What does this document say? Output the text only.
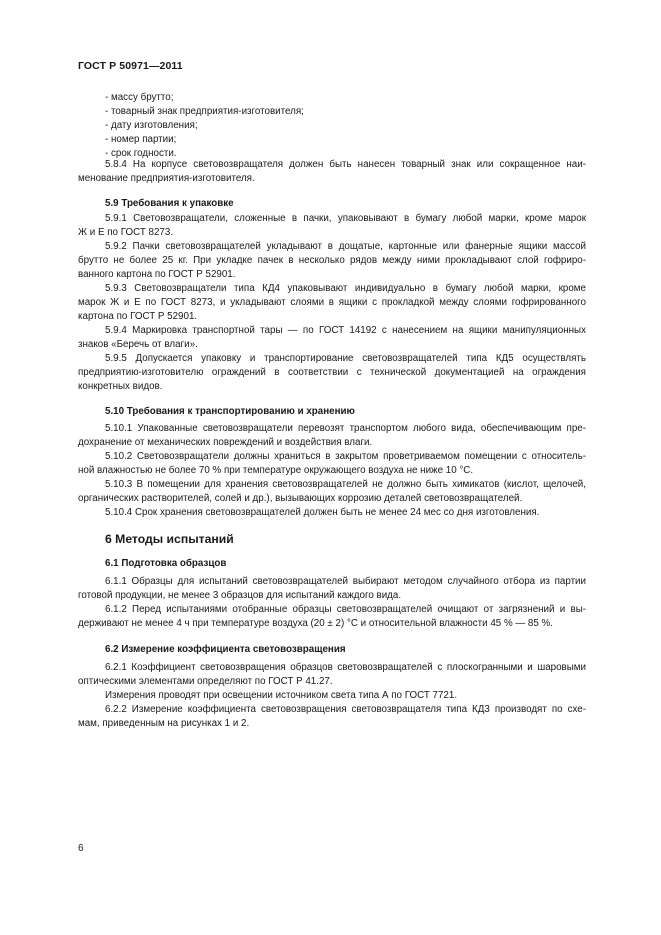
ГОСТ Р 50971—2011
- массу брутто;
- товарный знак предприятия-изготовителя;
- дату изготовления;
- номер партии;
- срок годности.
5.8.4 На корпусе световозвращателя должен быть нанесен товарный знак или сокращенное наи-
менование предприятия-изготовителя.
5.9 Требования к упаковке
5.9.1 Световозвращатели, сложенные в пачки, упаковывают в бумагу любой марки, кроме марок
Ж и Е по ГОСТ 8273.
5.9.2 Пачки световозвращателей укладывают в дощатые, картонные или фанерные ящики массой
брутто не более 25 кг. При укладке пачек в несколько рядов между ними прокладывают слой гофриро-
ванного картона по ГОСТ Р 52901.
5.9.3 Световозвращатели типа КД4 упаковывают индивидуально в бумагу любой марки, кроме
марок Ж и Е по ГОСТ 8273, и укладывают слоями в ящики с прокладкой между слоями гофрированного
картона по ГОСТ Р 52901.
5.9.4 Маркировка транспортной тары — по ГОСТ 14192 с нанесением на ящики манипуляционных
знаков «Беречь от влаги».
5.9.5 Допускается упаковку и транспортирование световозвращателей типа КД5 осуществлять
предприятию-изготовителю ограждений в соответствии с технической документацией на ограждения
конкретных видов.
5.10 Требования к транспортированию и хранению
5.10.1 Упакованные световозвращатели перевозят транспортом любого вида, обеспечивающим пре-
дохранение от механических повреждений и воздействия влаги.
5.10.2 Световозвращатели должны храниться в закрытом проветриваемом помещении с относитель-
ной влажностью не более 70 % при температуре окружающего воздуха не ниже 10 °С.
5.10.3 В помещении для хранения световозвращателей не должно быть химикатов (кислот, щелочей,
органических растворителей, солей и др.), вызывающих коррозию деталей световозвращателей.
5.10.4 Срок хранения световозвращателей должен быть не менее 24 мес со дня изготовления.
6 Методы испытаний
6.1 Подготовка образцов
6.1.1 Образцы для испытаний световозвращателей выбирают методом случайного отбора из партии
готовой продукции, не менее 3 образцов для испытаний каждого вида.
6.1.2 Перед испытаниями отобранные образцы световозвращателей очищают от загрязнений и вы-
держивают не менее 4 ч при температуре воздуха (20 ± 2) °С и относительной влажности 45 % — 85 %.
6.2 Измерение коэффициента световозвращения
6.2.1 Коэффициент световозвращения образцов световозвращателей с плоскогранными и шаровыми
оптическими элементами определяют по ГОСТ Р 41.27.
Измерения проводят при освещении источником света типа А по ГОСТ 7721.
6.2.2 Измерение коэффициента световозвращения световозвращателя типа КД3 производят по схе-
мам, приведенным на рисунках 1 и 2.
6
